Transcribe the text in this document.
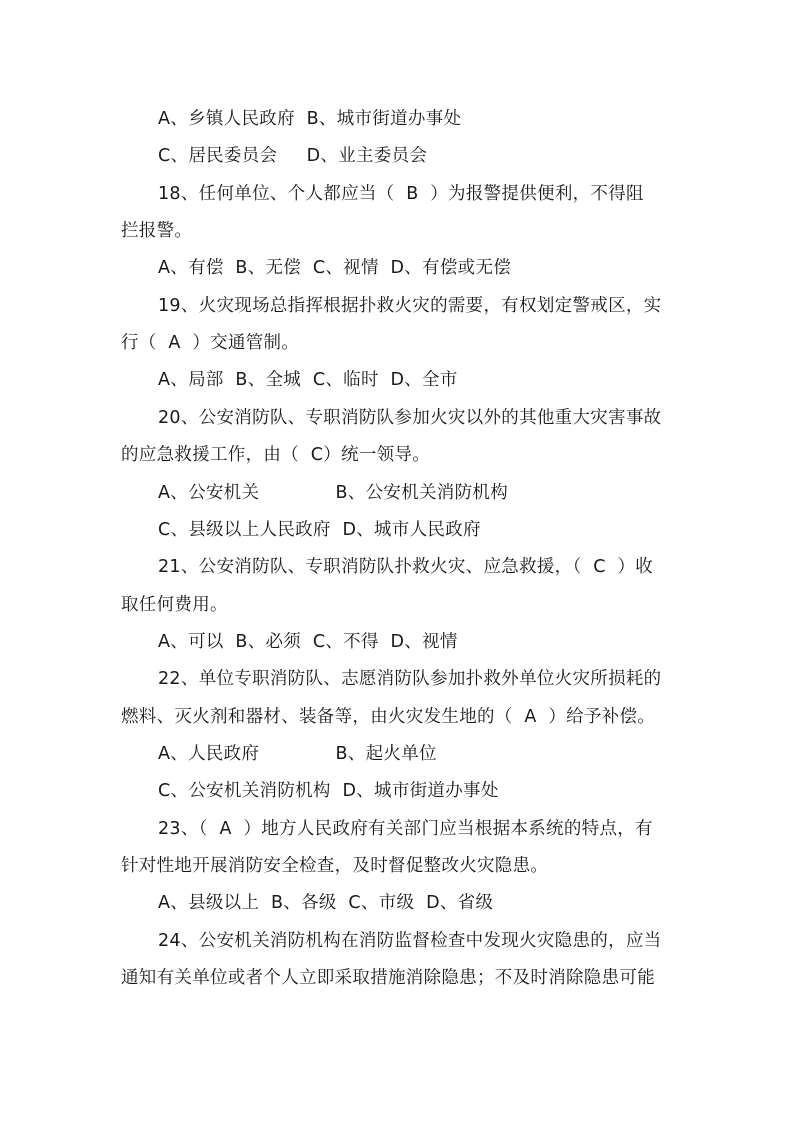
A、乡镇人民政府  B、城市街道办事处
C、居民委员会     D、业主委员会
18、任何单位、个人都应当（  B  ）为报警提供便利，不得阻
拦报警。
A、有偿  B、无偿  C、视情  D、有偿或无偿
19、火灾现场总指挥根据扑救火灾的需要，有权划定警戒区，实
行（  A  ）交通管制。
A、局部  B、全城  C、临时  D、全市
20、公安消防队、专职消防队参加火灾以外的其他重大灾害事故
的应急救援工作，由（  C）统一领导。
A、公安机关             B、公安机关消防机构
C、县级以上人民政府  D、城市人民政府
21、公安消防队、专职消防队扑救火灾、应急救援，（  C  ）收
取任何费用。
A、可以  B、必须  C、不得  D、视情
22、单位专职消防队、志愿消防队参加扑救外单位火灾所损耗的
燃料、灭火剂和器材、装备等，由火灾发生地的（  A  ）给予补偿。
A、人民政府             B、起火单位
C、公安机关消防机构  D、城市街道办事处
23、（  A  ）地方人民政府有关部门应当根据本系统的特点，有
针对性地开展消防安全检查，及时督促整改火灾隐患。
A、县级以上  B、各级  C、市级  D、省级
24、公安机关消防机构在消防监督检查中发现火灾隐患的，应当
通知有关单位或者个人立即采取措施消除隐患；不及时消除隐患可能
